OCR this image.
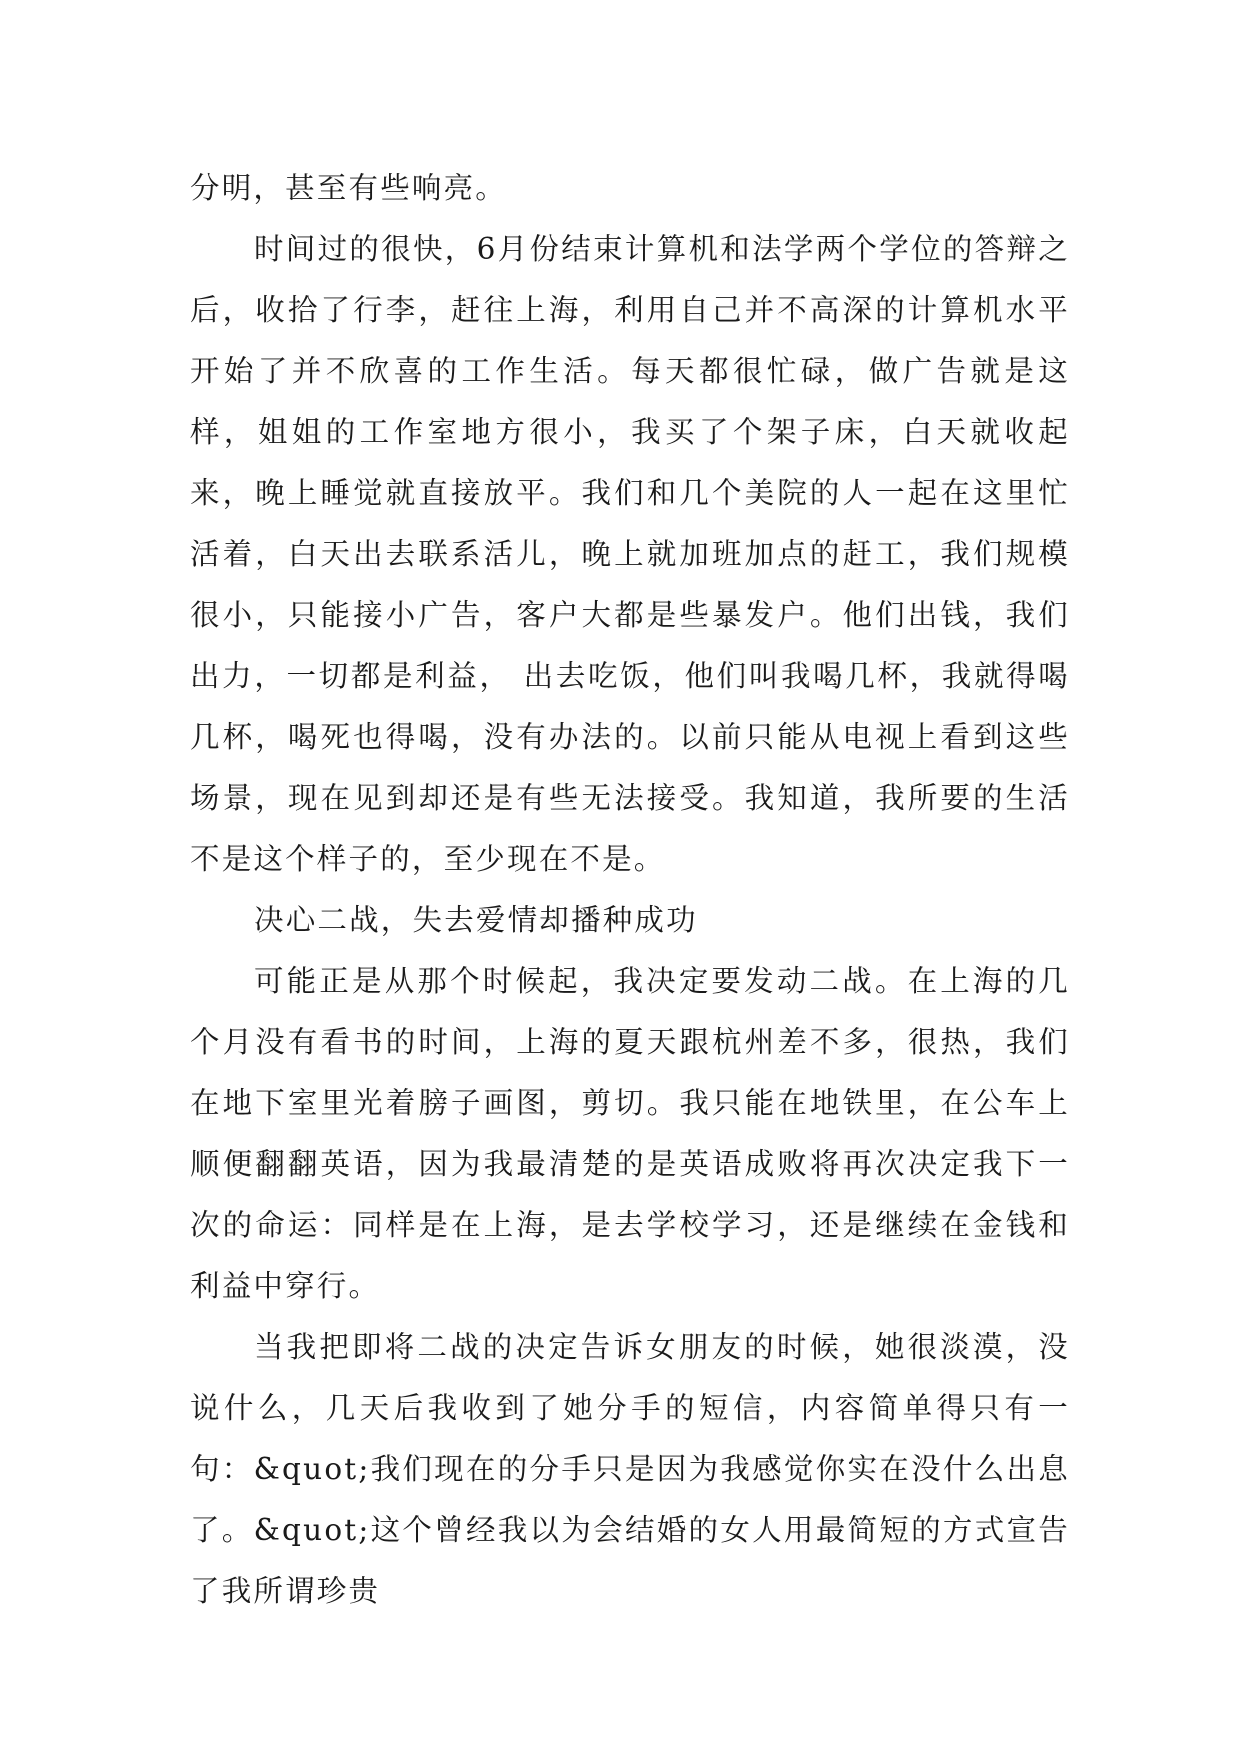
分明，甚至有些响亮。

时间过的很快，6月份结束计算机和法学两个学位的答辩之后，收拾了行李，赶往上海，利用自己并不高深的计算机水平开始了并不欣喜的工作生活。每天都很忙碌，做广告就是这样，姐姐的工作室地方很小，我买了个架子床，白天就收起来，晚上睡觉就直接放平。我们和几个美院的人一起在这里忙活着，白天出去联系活儿，晚上就加班加点的赶工，我们规模很小，只能接小广告，客户大都是些暴发户。他们出钱，我们出力，一切都是利益， 出去吃饭，他们叫我喝几杯，我就得喝几杯，喝死也得喝，没有办法的。以前只能从电视上看到这些场景，现在见到却还是有些无法接受。我知道，我所要的生活不是这个样子的，至少现在不是。

决心二战，失去爱情却播种成功

可能正是从那个时候起，我决定要发动二战。在上海的几个月没有看书的时间，上海的夏天跟杭州差不多，很热，我们在地下室里光着膀子画图，剪切。我只能在地铁里，在公车上顺便翻翻英语，因为我最清楚的是英语成败将再次决定我下一次的命运：同样是在上海，是去学校学习，还是继续在金钱和利益中穿行。

当我把即将二战的决定告诉女朋友的时候，她很淡漠，没说什么，几天后我收到了她分手的短信，内容简单得只有一句：&quot;我们现在的分手只是因为我感觉你实在没什么出息了。&quot;这个曾经我以为会结婚的女人用最简短的方式宣告了我所谓珍贵
